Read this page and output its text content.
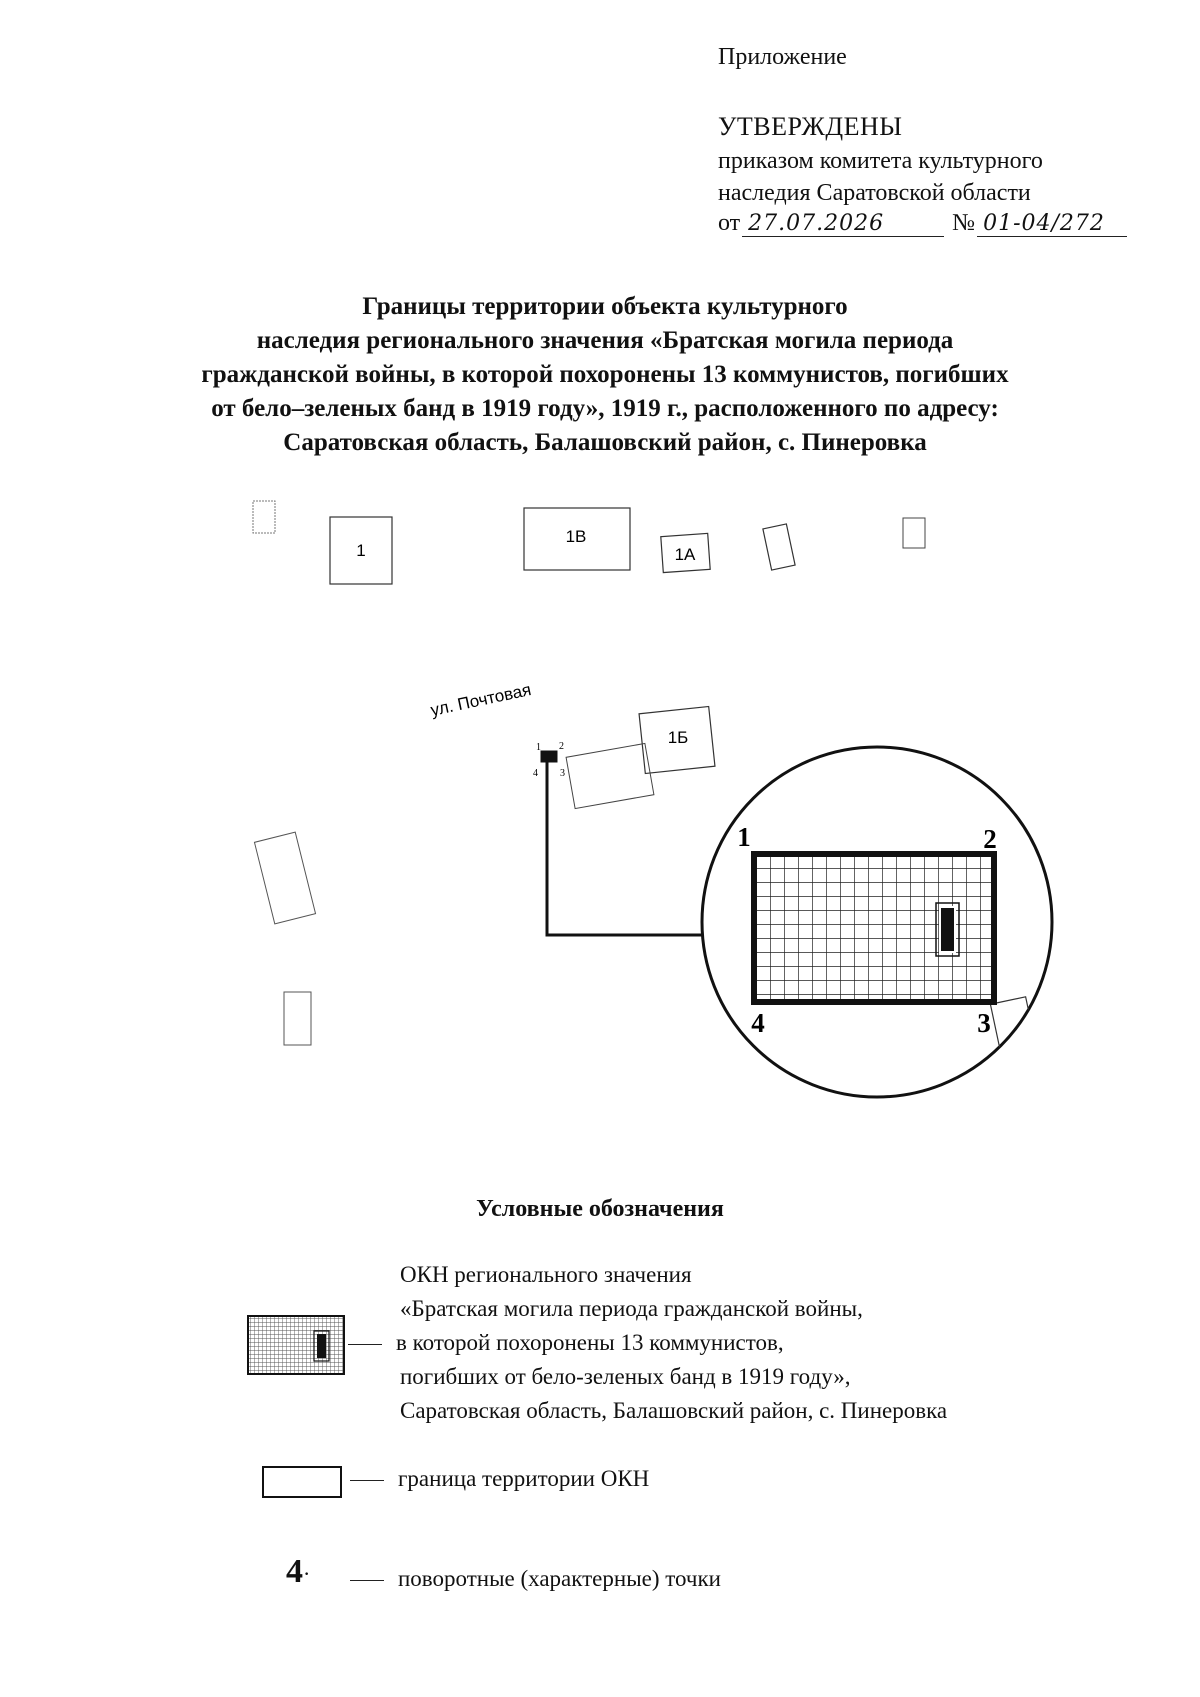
Приложение
УТВЕРЖДЕНЫ
приказом комитета культурного
наследия Саратовской области
от 27.07.2026	№ 01-04/272
Границы территории объекта культурного
наследия регионального значения «Братская могила периода
гражданской войны, в которой похоронены 13 коммунистов, погибших
от бело–зеленых банд в 1919 году», 1919 г., расположенного по адресу:
Саратовская область, Балашовский район, с. Пинеровка
1
1В
1А
ул. Почтовая
1Б
1 2
3
4
1	2
3
4
Условные обозначения
ОКН регионального значения
«Братская могила периода гражданской войны,
в которой похоронены 13 коммунистов,
погибших от бело-зеленых банд в 1919 году»,
Саратовская область, Балашовский район, с. Пинеровка
граница территории ОКН
4·	поворотные (характерные) точки
